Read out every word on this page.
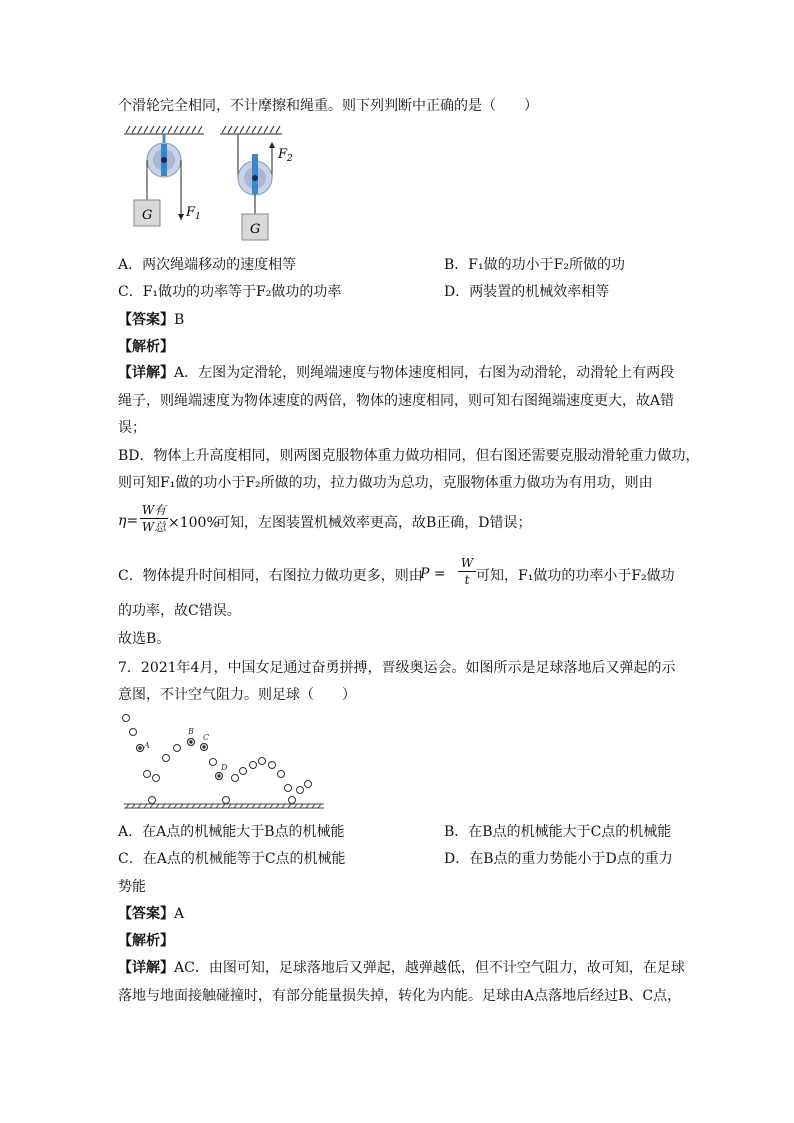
个滑轮完全相同，不计摩擦和绳重。则下列判断中正确的是（　　）
G	$F_1$
G
$F_2$
A．两次绳端移动的速度相等	B．F₁做的功小于F₂所做的功
C．F₁做功的功率等于F₂做功的功率	D．两装置的机械效率相等
【答案】B
【解析】
【详解】A．左图为定滑轮，则绳端速度与物体速度相同，右图为动滑轮，动滑轮上有两段
绳子，则绳端速度为物体速度的两倍，物体的速度相同，则可知右图绳端速度更大，故A错
误；
BD．物体上升高度相同，则两图克服物体重力做功相同，但右图还需要克服动滑轮重力做功，
则可知F₁做的功小于F₂所做的功，拉力做功为总功，克服物体重力做功为有用功，则由
η=
W有
W总 ×100%
可知，左图装置机械效率更高，故B正确，D错误；
C．物体提升时间相同，右图拉力做功更多，则由
P =
W
t 可知，F₁做功的功率小于F₂做功
的功率，故C错误。
故选B。
7．2021年4月，中国女足通过奋勇拼搏，晋级奥运会。如图所示是足球落地后又弹起的示
意图，不计空气阻力。则足球（　　）
A
B
C
D
A．在A点的机械能大于B点的机械能	B．在B点的机械能大于C点的机械能
C．在A点的机械能等于C点的机械能	D．在B点的重力势能小于D点的重力
势能
【答案】A
【解析】
【详解】AC．由图可知，足球落地后又弹起，越弹越低，但不计空气阻力，故可知，在足球
落地与地面接触碰撞时，有部分能量损失掉，转化为内能。足球由A点落地后经过B、C点，
